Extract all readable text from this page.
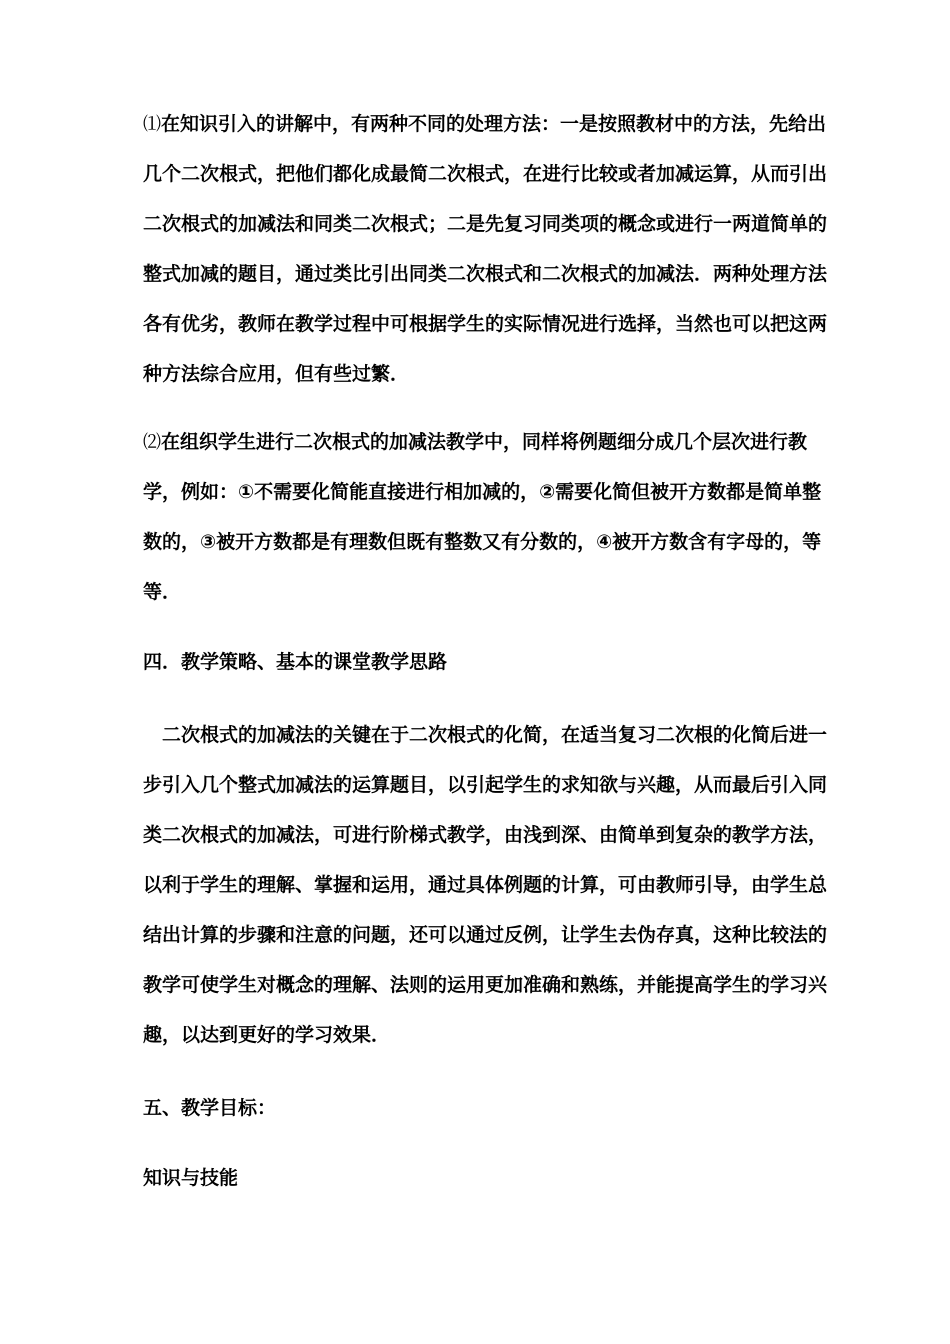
⑴在知识引入的讲解中，有两种不同的处理方法：一是按照教材中的方法，先给出
几个二次根式，把他们都化成最简二次根式，在进行比较或者加减运算，从而引出
二次根式的加减法和同类二次根式；二是先复习同类项的概念或进行一两道简单的
整式加减的题目，通过类比引出同类二次根式和二次根式的加减法．两种处理方法
各有优劣，教师在教学过程中可根据学生的实际情况进行选择，当然也可以把这两
种方法综合应用，但有些过繁．
⑵在组织学生进行二次根式的加减法教学中，同样将例题细分成几个层次进行教
学，例如：①不需要化简能直接进行相加减的，②需要化简但被开方数都是简单整
数的，③被开方数都是有理数但既有整数又有分数的，④被开方数含有字母的，等
等．
四．教学策略、基本的课堂教学思路
二次根式的加减法的关键在于二次根式的化简，在适当复习二次根的化简后进一
步引入几个整式加减法的运算题目，以引起学生的求知欲与兴趣，从而最后引入同
类二次根式的加减法，可进行阶梯式教学，由浅到深、由简单到复杂的教学方法，
以利于学生的理解、掌握和运用，通过具体例题的计算，可由教师引导，由学生总
结出计算的步骤和注意的问题，还可以通过反例，让学生去伪存真，这种比较法的
教学可使学生对概念的理解、法则的运用更加准确和熟练，并能提高学生的学习兴
趣，以达到更好的学习效果．
五、教学目标：
知识与技能
